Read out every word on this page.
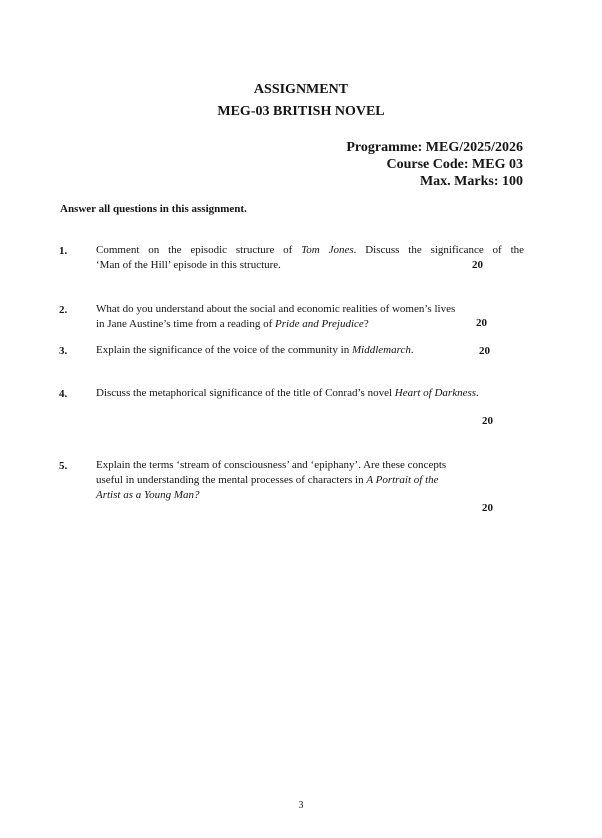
ASSIGNMENT
MEG-03 BRITISH NOVEL
Programme: MEG/2025/2026
Course Code: MEG 03
Max. Marks: 100
Answer all questions in this assignment.
1.	Comment on the episodic structure of Tom Jones. Discuss the significance of the
‘Man of the Hill’ episode in this structure.	20
2.	What do you understand about the social and economic realities of women’s lives
in Jane Austine’s time from a reading of Pride and Prejudice?	20
3.	Explain the significance of the voice of the community in Middlemarch.	20
4.	Discuss the metaphorical significance of the title of Conrad’s novel Heart of Darkness.
20
5.	Explain the terms ‘stream of consciousness’ and ‘epiphany’. Are these concepts
useful in understanding the mental processes of characters in A Portrait of the
Artist as a Young Man?
20
3
